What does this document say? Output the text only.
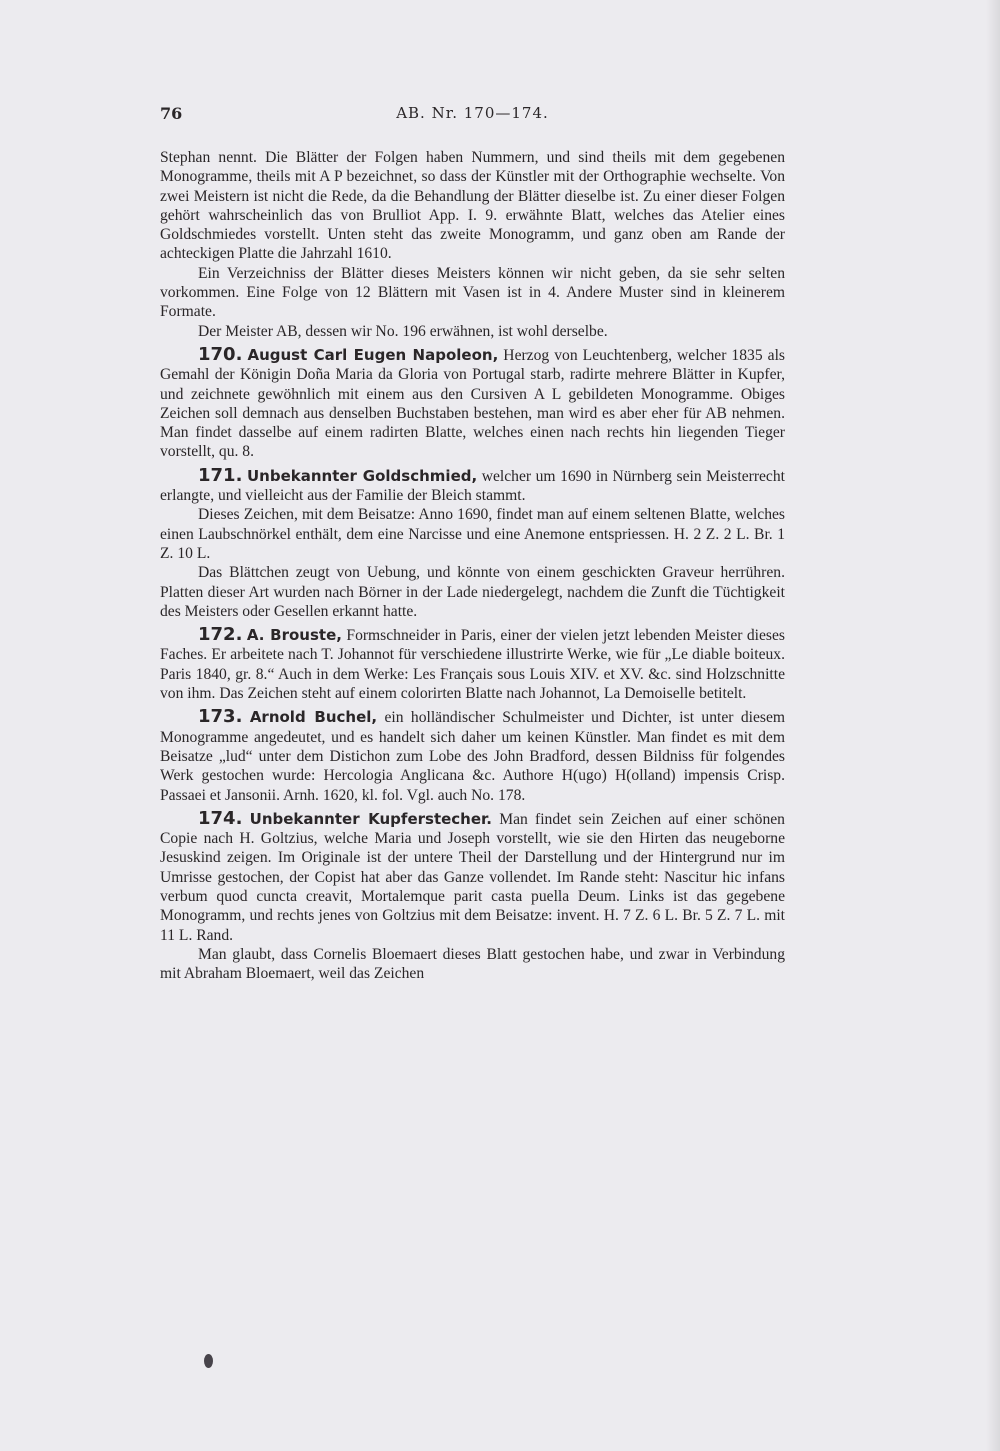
76	AB. Nr. 170—174.

Stephan nennt. Die Blätter der Folgen haben Nummern, und sind theils mit dem gegebenen Monogramme, theils mit A P bezeichnet, so dass der Künstler mit der Orthographie wechselte. Von zwei Meistern ist nicht die Rede, da die Behandlung der Blätter dieselbe ist. Zu einer dieser Folgen gehört wahrscheinlich das von Brulliot App. I. 9. erwähnte Blatt, welches das Atelier eines Goldschmiedes vorstellt. Unten steht das zweite Monogramm, und ganz oben am Rande der achteckigen Platte die Jahrzahl 1610.

Ein Verzeichniss der Blätter dieses Meisters können wir nicht geben, da sie sehr selten vorkommen. Eine Folge von 12 Blättern mit Vasen ist in 4. Andere Muster sind in kleinerem Formate.

Der Meister AB, dessen wir No. 196 erwähnen, ist wohl derselbe.

170. August Carl Eugen Napoleon, Herzog von Leuchtenberg, welcher 1835 als Gemahl der Königin Doña Maria da Gloria von Portugal starb, radirte mehrere Blätter in Kupfer, und zeichnete gewöhnlich mit einem aus den Cursiven A L gebildeten Monogramme. Obiges Zeichen soll demnach aus denselben Buchstaben bestehen, man wird es aber eher für AB nehmen. Man findet dasselbe auf einem radirten Blatte, welches einen nach rechts hin liegenden Tieger vorstellt, qu. 8.

171. Unbekannter Goldschmied, welcher um 1690 in Nürnberg sein Meisterrecht erlangte, und vielleicht aus der Familie der Bleich stammt.

Dieses Zeichen, mit dem Beisatze: Anno 1690, findet man auf einem seltenen Blatte, welches einen Laubschnörkel enthält, dem eine Narcisse und eine Anemone entspriessen. H. 2 Z. 2 L. Br. 1 Z. 10 L.

Das Blättchen zeugt von Uebung, und könnte von einem geschickten Graveur herrühren. Platten dieser Art wurden nach Börner in der Lade niedergelegt, nachdem die Zunft die Tüchtigkeit des Meisters oder Gesellen erkannt hatte.

172. A. Brouste, Formschneider in Paris, einer der vielen jetzt lebenden Meister dieses Faches. Er arbeitete nach T. Johannot für verschiedene illustrirte Werke, wie für „Le diable boiteux. Paris 1840, gr. 8.“ Auch in dem Werke: Les Français sous Louis XIV. et XV. &c. sind Holzschnitte von ihm. Das Zeichen steht auf einem colorirten Blatte nach Johannot, La Demoiselle betitelt.

173. Arnold Buchel, ein holländischer Schulmeister und Dichter, ist unter diesem Monogramme angedeutet, und es handelt sich daher um keinen Künstler. Man findet es mit dem Beisatze „lud“ unter dem Distichon zum Lobe des John Bradford, dessen Bildniss für folgendes Werk gestochen wurde: Hercologia Anglicana &c. Authore H(ugo) H(olland) impensis Crisp. Passaei et Jansonii. Arnh. 1620, kl. fol. Vgl. auch No. 178.

174. Unbekannter Kupferstecher. Man findet sein Zeichen auf einer schönen Copie nach H. Goltzius, welche Maria und Joseph vorstellt, wie sie den Hirten das neugeborne Jesuskind zeigen. Im Originale ist der untere Theil der Darstellung und der Hintergrund nur im Umrisse gestochen, der Copist hat aber das Ganze vollendet. Im Rande steht: Nascitur hic infans verbum quod cuncta creavit, Mortalemque parit casta puella Deum. Links ist das gegebene Monogramm, und rechts jenes von Goltzius mit dem Beisatze: invent. H. 7 Z. 6 L. Br. 5 Z. 7 L. mit 11 L. Rand.

Man glaubt, dass Cornelis Bloemaert dieses Blatt gestochen habe, und zwar in Verbindung mit Abraham Bloemaert, weil das Zeichen
